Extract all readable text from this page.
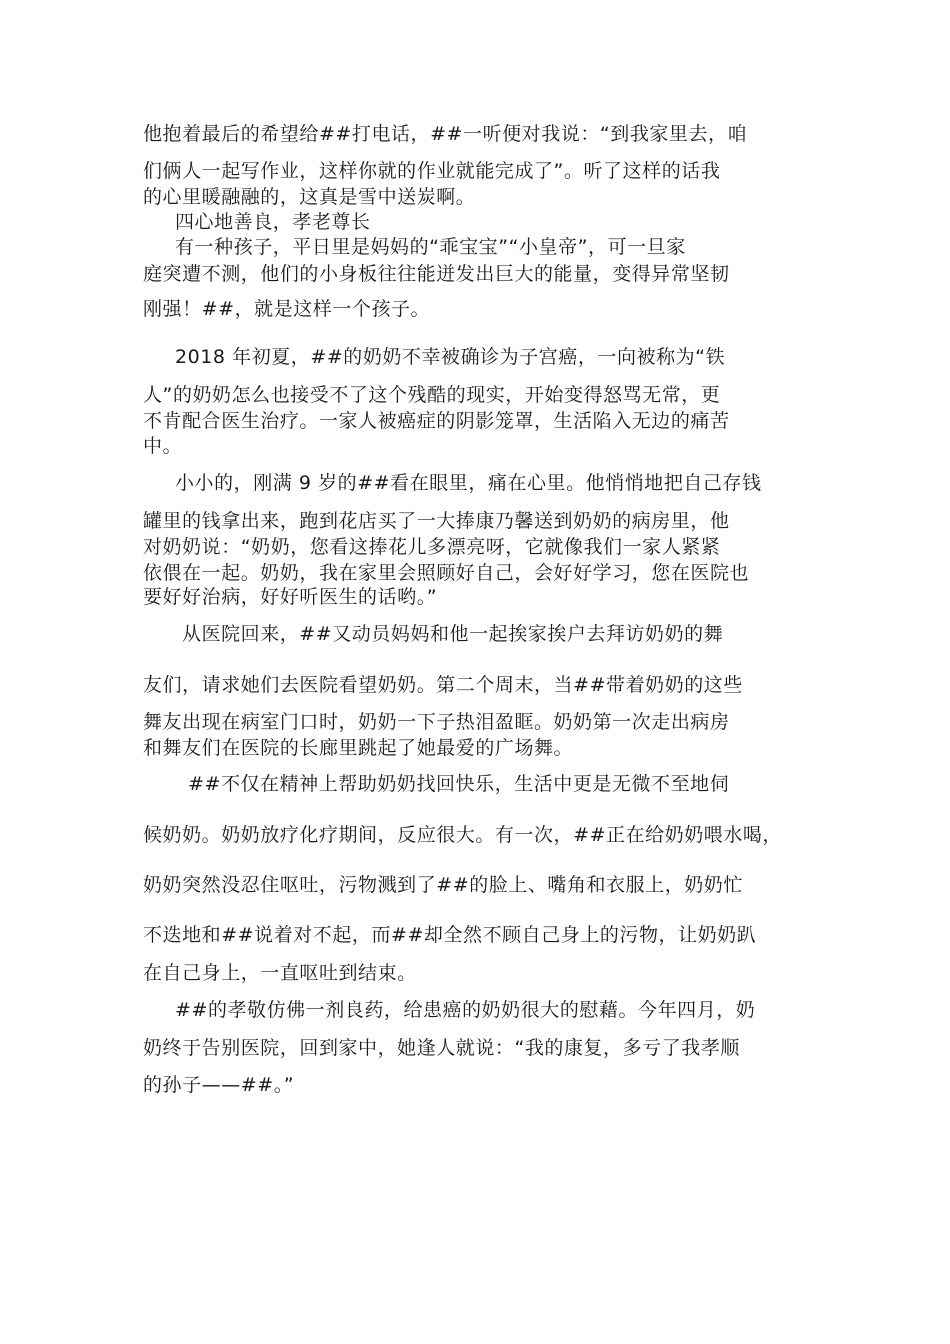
他抱着最后的希望给##打电话，##一听便对我说：“到我家里去，咱
们俩人一起写作业，这样你就的作业就能完成了”。听了这样的话我
的心里暖融融的，这真是雪中送炭啊。
四心地善良，孝老尊长
有一种孩子，平日里是妈妈的“乖宝宝”“小皇帝”，可一旦家
庭突遭不测，他们的小身板往往能迸发出巨大的能量，变得异常坚韧
刚强！##，就是这样一个孩子。
2018 年初夏，##的奶奶不幸被确诊为子宫癌，一向被称为“铁
人”的奶奶怎么也接受不了这个残酷的现实，开始变得怒骂无常，更
不肯配合医生治疗。一家人被癌症的阴影笼罩，生活陷入无边的痛苦
中。
小小的，刚满 9 岁的##看在眼里，痛在心里。他悄悄地把自己存钱
罐里的钱拿出来，跑到花店买了一大捧康乃馨送到奶奶的病房里，他
对奶奶说：“奶奶，您看这捧花儿多漂亮呀，它就像我们一家人紧紧
依偎在一起。奶奶，我在家里会照顾好自己，会好好学习，您在医院也
要好好治病，好好听医生的话哟。”
从医院回来，##又动员妈妈和他一起挨家挨户去拜访奶奶的舞
友们，请求她们去医院看望奶奶。第二个周末，当##带着奶奶的这些
舞友出现在病室门口时，奶奶一下子热泪盈眶。奶奶第一次走出病房
和舞友们在医院的长廊里跳起了她最爱的广场舞。
##不仅在精神上帮助奶奶找回快乐，生活中更是无微不至地伺
候奶奶。奶奶放疗化疗期间，反应很大。有一次，##正在给奶奶喂水喝，
奶奶突然没忍住呕吐，污物溅到了##的脸上、嘴角和衣服上，奶奶忙
不迭地和##说着对不起，而##却全然不顾自己身上的污物，让奶奶趴
在自己身上，一直呕吐到结束。
##的孝敬仿佛一剂良药，给患癌的奶奶很大的慰藉。今年四月，奶
奶终于告别医院，回到家中，她逢人就说：“我的康复，多亏了我孝顺
的孙子——##。”
